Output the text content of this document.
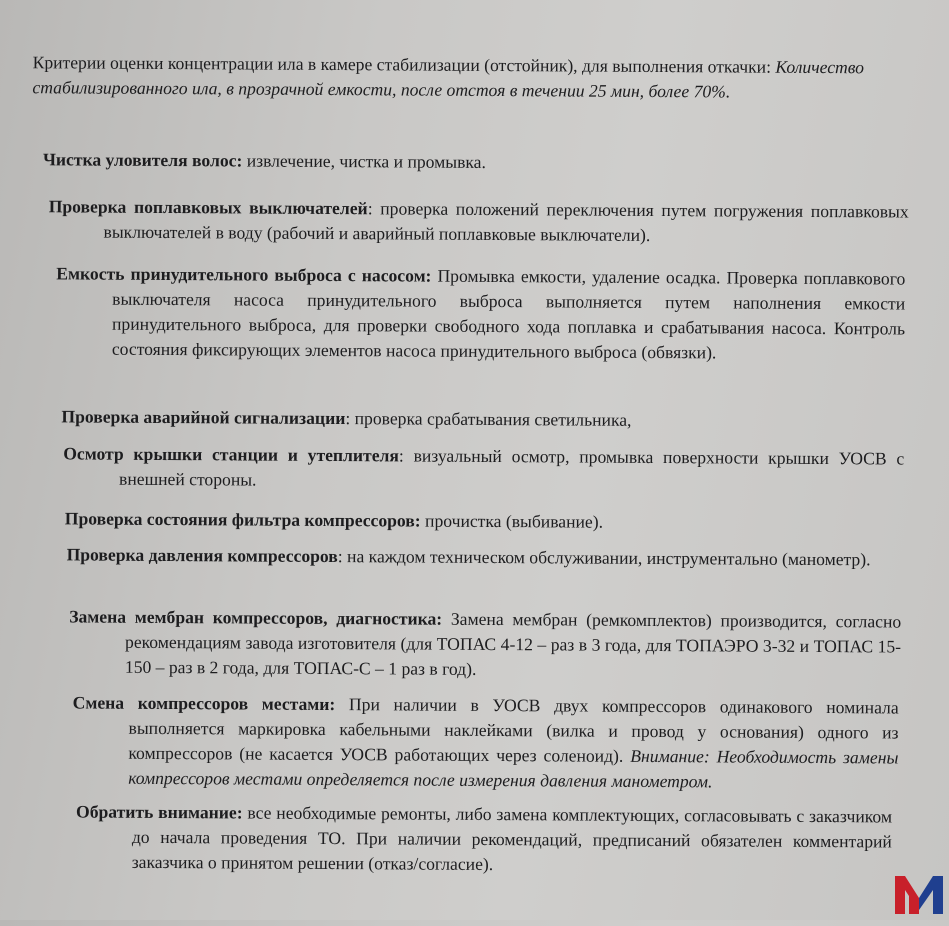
Критерии оценки концентрации ила в камере стабилизации (отстойник), для выполнения откачки: Количество стабилизированного ила, в прозрачной емкости, после отстоя в течении 25 мин, более 70%.

Чистка уловителя волос: извлечение, чистка и промывка.

Проверка поплавковых выключателей: проверка положений переключения путем погружения поплавковых выключателей в воду (рабочий и аварийный поплавковые выключатели).

Емкость принудительного выброса с насосом: Промывка емкости, удаление осадка. Проверка поплавкового выключателя насоса принудительного выброса выполняется путем наполнения емкости принудительного выброса, для проверки свободного хода поплавка и срабатывания насоса. Контроль состояния фиксирующих элементов насоса принудительного выброса (обвязки).

Проверка аварийной сигнализации: проверка срабатывания светильника,

Осмотр крышки станции и утеплителя: визуальный осмотр, промывка поверхности крышки УОСВ с внешней стороны.

Проверка состояния фильтра компрессоров: прочистка (выбивание).

Проверка давления компрессоров: на каждом техническом обслуживании, инструментально (манометр).

Замена мембран компрессоров, диагностика: Замена мембран (ремкомплектов) производится, согласно рекомендациям завода изготовителя (для ТОПАС 4-12 – раз в 3 года, для ТОПАЭРО 3-32 и ТОПАС 15- 150 – раз в 2 года, для ТОПАС-С – 1 раз в год).

Смена компрессоров местами: При наличии в УОСВ двух компрессоров одинакового номинала выполняется маркировка кабельными наклейками (вилка и провод у основания) одного из компрессоров (не касается УОСВ работающих через соленоид). Внимание: Необходимость замены компрессоров местами определяется после измерения давления манометром.

Обратить внимание: все необходимые ремонты, либо замена комплектующих, согласовывать с заказчиком до начала проведения ТО. При наличии рекомендаций, предписаний обязателен комментарий заказчика о принятом решении (отказ/согласие).
